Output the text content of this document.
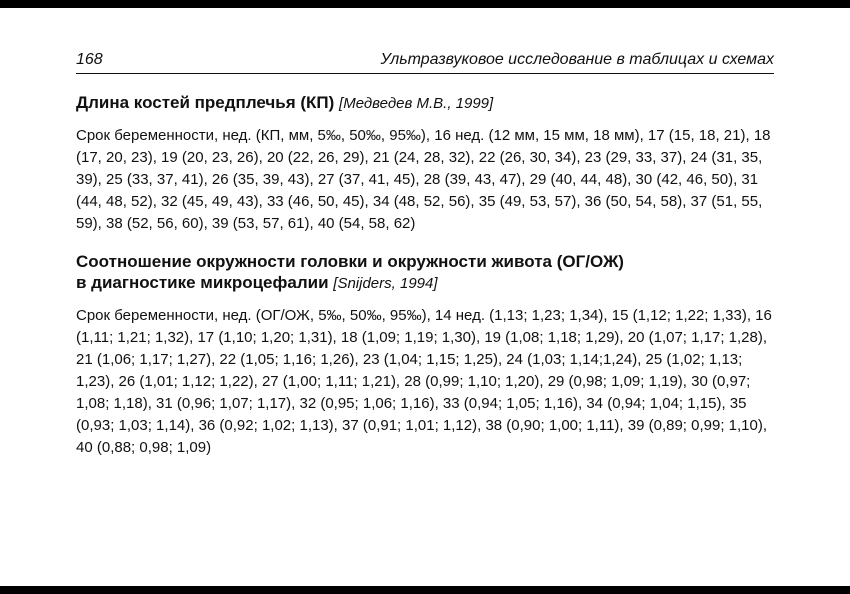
168	Ультразвуковое исследование в таблицах и схемах
Длина костей предплечья (КП) [Медведев М.В., 1999]

Срок беременности, нед. (КП, мм, 5‰, 50‰, 95‰), 16 нед. (12 мм, 15 мм, 18 мм), 17 (15, 18, 21), 18 (17, 20, 23), 19 (20, 23, 26), 20 (22, 26, 29), 21 (24, 28, 32), 22 (26, 30, 34), 23 (29, 33, 37), 24 (31, 35, 39), 25 (33, 37, 41), 26 (35, 39, 43), 27 (37, 41, 45), 28 (39, 43, 47), 29 (40, 44, 48), 30 (42, 46, 50), 31 (44, 48, 52), 32 (45, 49, 43), 33 (46, 50, 45), 34 (48, 52, 56), 35 (49, 53, 57), 36 (50, 54, 58), 37 (51, 55, 59), 38 (52, 56, 60), 39 (53, 57, 61), 40 (54, 58, 62)

Соотношение окружности головки и окружности живота (ОГ/ОЖ)
в диагностике микроцефалии [Snijders, 1994]

Срок беременности, нед. (ОГ/ОЖ, 5‰, 50‰, 95‰), 14 нед. (1,13; 1,23; 1,34), 15 (1,12; 1,22; 1,33), 16 (1,11; 1,21; 1,32), 17 (1,10; 1,20; 1,31), 18 (1,09; 1,19; 1,30), 19 (1,08; 1,18; 1,29), 20 (1,07; 1,17; 1,28), 21 (1,06; 1,17; 1,27), 22 (1,05; 1,16; 1,26), 23 (1,04; 1,15; 1,25), 24 (1,03; 1,14;1,24), 25 (1,02; 1,13; 1,23), 26 (1,01; 1,12; 1,22), 27 (1,00; 1,11; 1,21), 28 (0,99; 1,10; 1,20), 29 (0,98; 1,09; 1,19), 30 (0,97; 1,08; 1,18), 31 (0,96; 1,07; 1,17), 32 (0,95; 1,06; 1,16), 33 (0,94; 1,05; 1,16), 34 (0,94; 1,04; 1,15), 35 (0,93; 1,03; 1,14), 36 (0,92; 1,02; 1,13), 37 (0,91; 1,01; 1,12), 38 (0,90; 1,00; 1,11), 39 (0,89; 0,99; 1,10), 40 (0,88; 0,98; 1,09)
